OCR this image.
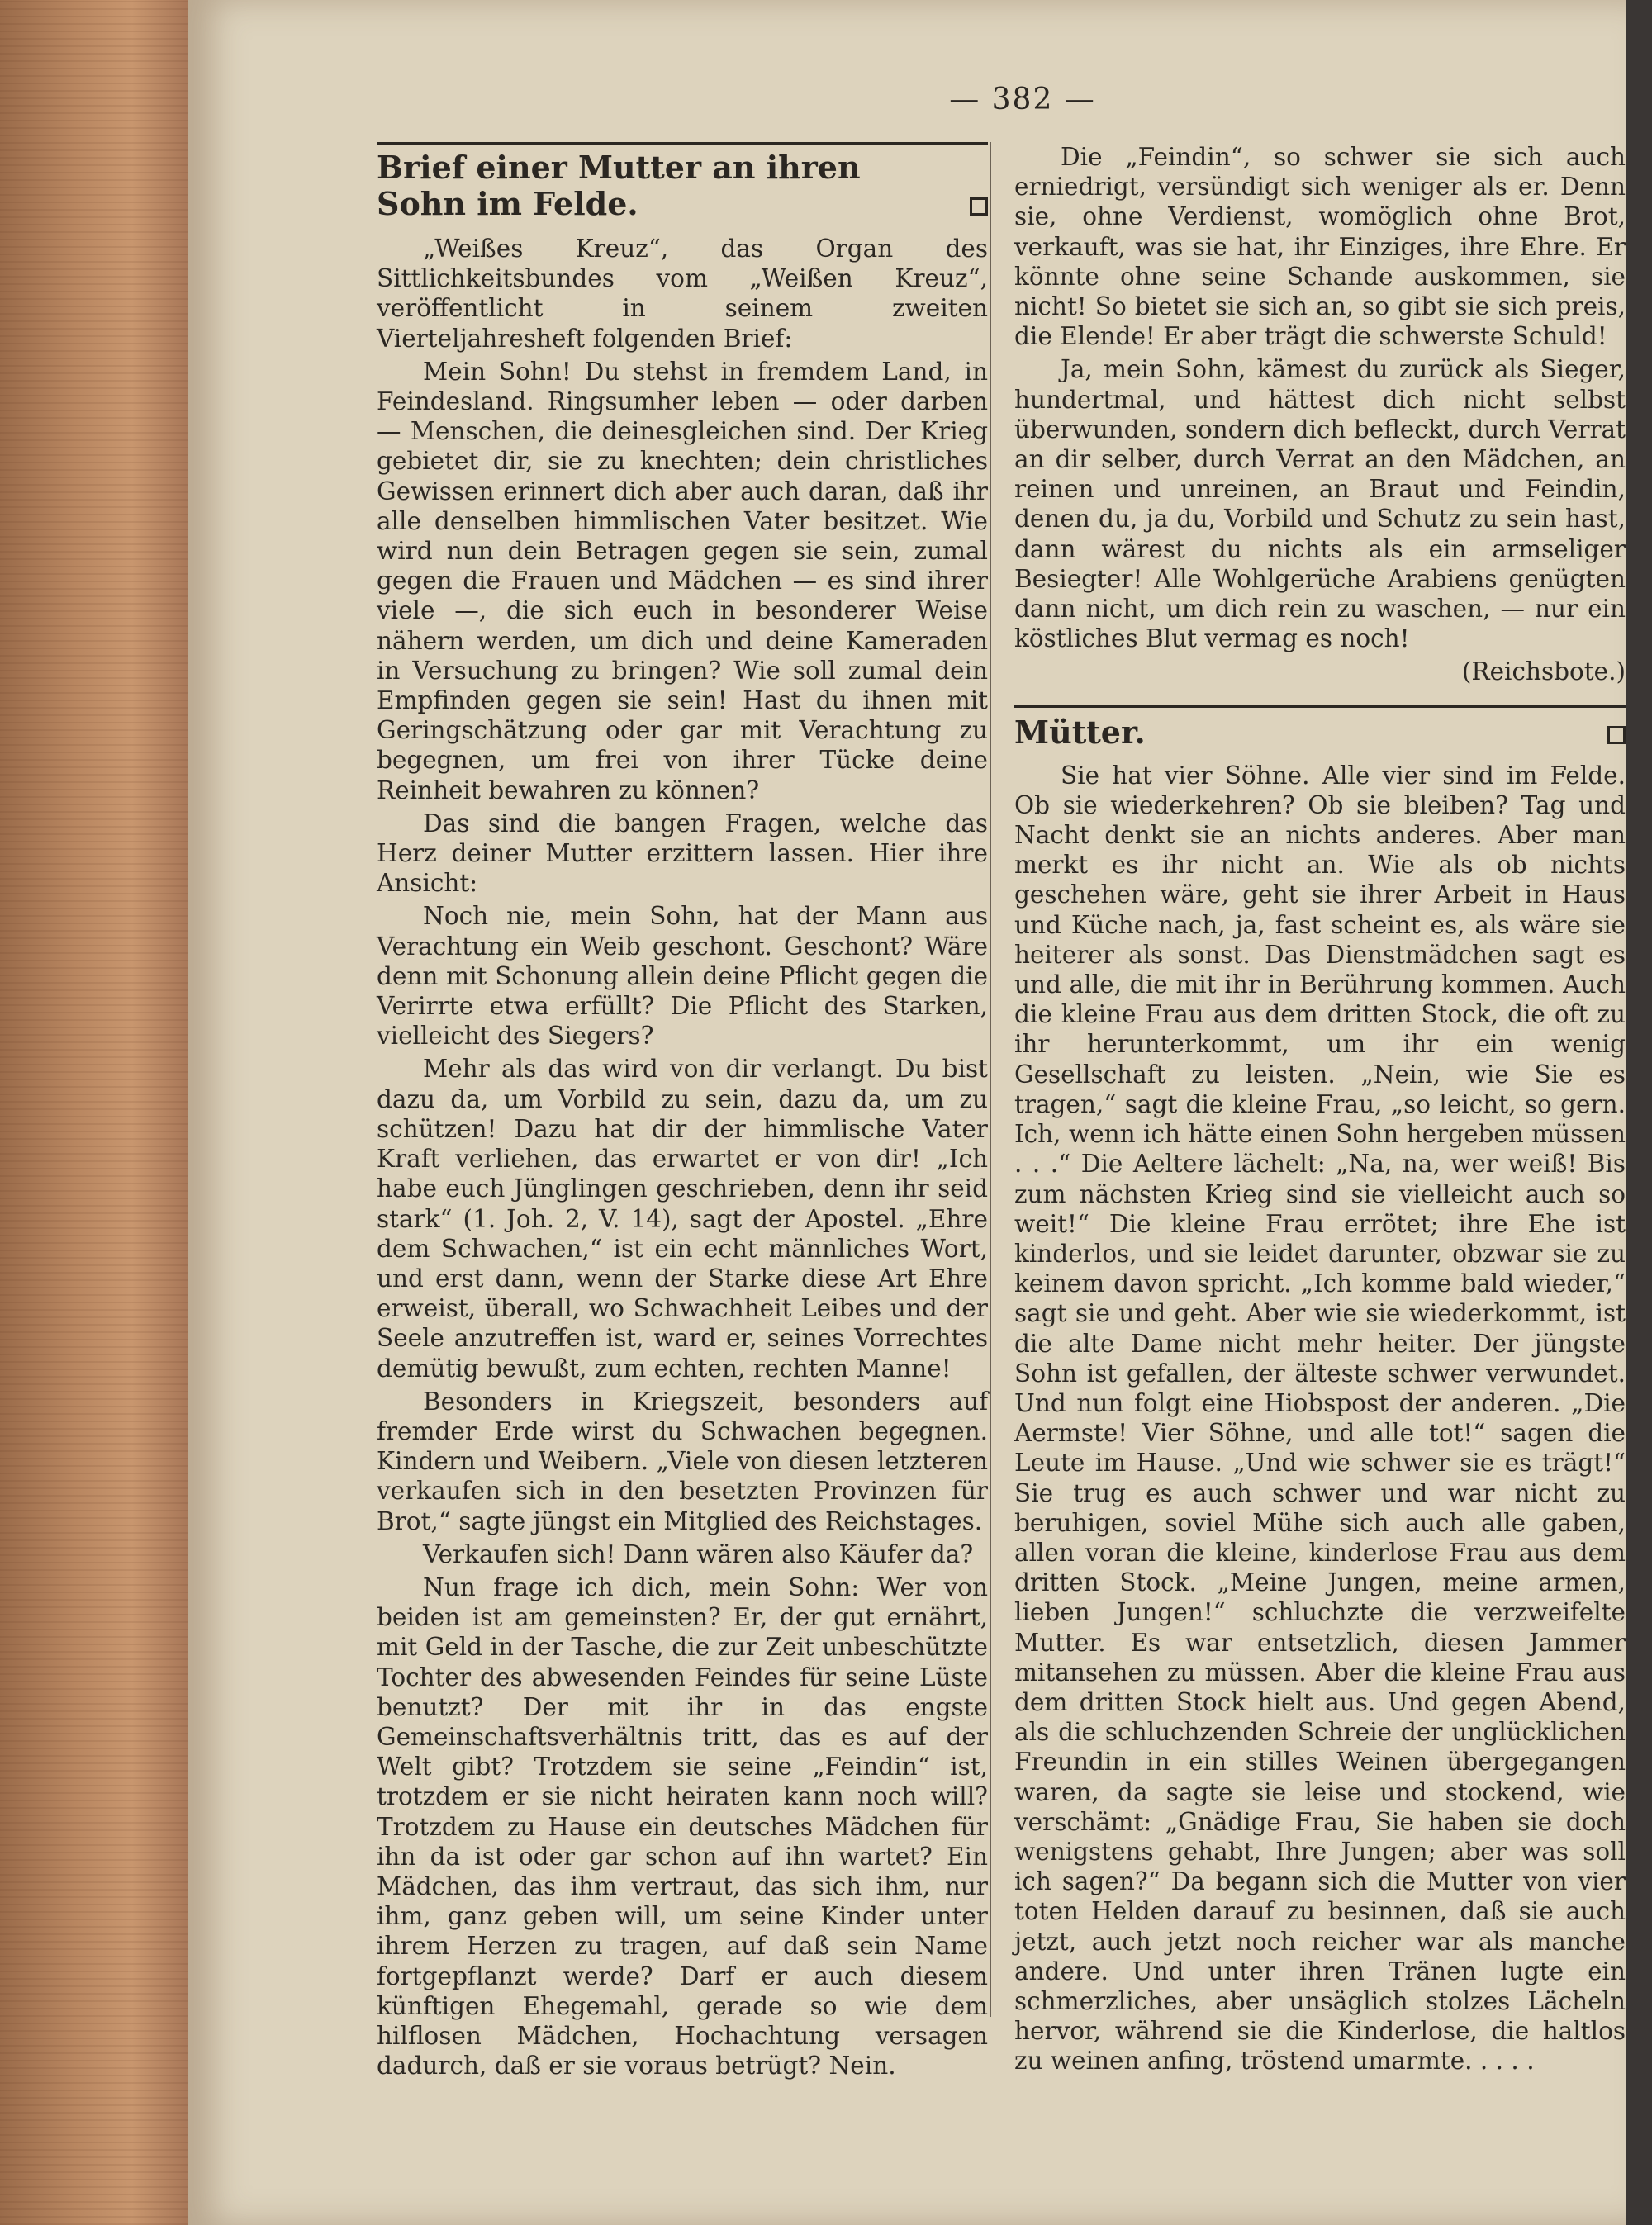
— 382 —
Brief einer Mutter an ihren Sohn im Felde.

„Weißes Kreuz“, das Organ des Sittlichkeitsbundes vom „Weißen Kreuz“, veröffentlicht in seinem zweiten Vierteljahresheft folgenden Brief:

Mein Sohn! Du stehst in fremdem Land, in Feindesland. Ringsumher leben — oder darben — Menschen, die deinesgleichen sind. Der Krieg gebietet dir, sie zu knechten; dein christliches Gewissen erinnert dich aber auch daran, daß ihr alle denselben himmlischen Vater besitzet. Wie wird nun dein Betragen gegen sie sein, zumal gegen die Frauen und Mädchen — es sind ihrer viele —, die sich euch in besonderer Weise nähern werden, um dich und deine Kameraden in Versuchung zu bringen? Wie soll zumal dein Empfinden gegen sie sein! Hast du ihnen mit Geringschätzung oder gar mit Verachtung zu begegnen, um frei von ihrer Tücke deine Reinheit bewahren zu können?

Das sind die bangen Fragen, welche das Herz deiner Mutter erzittern lassen. Hier ihre Ansicht:

Noch nie, mein Sohn, hat der Mann aus Verachtung ein Weib geschont. Geschont? Wäre denn mit Schonung allein deine Pflicht gegen die Verirrte etwa erfüllt? Die Pflicht des Starken, vielleicht des Siegers?

Mehr als das wird von dir verlangt. Du bist dazu da, um Vorbild zu sein, dazu da, um zu schützen! Dazu hat dir der himmlische Vater Kraft verliehen, das erwartet er von dir! „Ich habe euch Jünglingen geschrieben, denn ihr seid stark“ (1. Joh. 2, V. 14), sagt der Apostel. „Ehre dem Schwachen,“ ist ein echt männliches Wort, und erst dann, wenn der Starke diese Art Ehre erweist, überall, wo Schwachheit Leibes und der Seele anzutreffen ist, ward er, seines Vorrechtes demütig bewußt, zum echten, rechten Manne!

Besonders in Kriegszeit, besonders auf fremder Erde wirst du Schwachen begegnen. Kindern und Weibern. „Viele von diesen letzteren verkaufen sich in den besetzten Provinzen für Brot,“ sagte jüngst ein Mitglied des Reichstages.

Verkaufen sich! Dann wären also Käufer da?

Nun frage ich dich, mein Sohn: Wer von beiden ist am gemeinsten? Er, der gut ernährt, mit Geld in der Tasche, die zur Zeit unbeschützte Tochter des abwesenden Feindes für seine Lüste benutzt? Der mit ihr in das engste Gemeinschaftsverhältnis tritt, das es auf der Welt gibt? Trotzdem sie seine „Feindin“ ist, trotzdem er sie nicht heiraten kann noch will? Trotzdem zu Hause ein deutsches Mädchen für ihn da ist oder gar schon auf ihn wartet? Ein Mädchen, das ihm vertraut, das sich ihm, nur ihm, ganz geben will, um seine Kinder unter ihrem Herzen zu tragen, auf daß sein Name fortgepflanzt werde? Darf er auch diesem künftigen Ehegemahl, gerade so wie dem hilflosen Mädchen, Hochachtung versagen dadurch, daß er sie voraus betrügt? Nein.

Die „Feindin“, so schwer sie sich auch erniedrigt, versündigt sich weniger als er. Denn sie, ohne Verdienst, womöglich ohne Brot, verkauft, was sie hat, ihr Einziges, ihre Ehre. Er könnte ohne seine Schande auskommen, sie nicht! So bietet sie sich an, so gibt sie sich preis, die Elende! Er aber trägt die schwerste Schuld!

Ja, mein Sohn, kämest du zurück als Sieger, hundertmal, und hättest dich nicht selbst überwunden, sondern dich befleckt, durch Verrat an dir selber, durch Verrat an den Mädchen, an reinen und unreinen, an Braut und Feindin, denen du, ja du, Vorbild und Schutz zu sein hast, dann wärest du nichts als ein armseliger Besiegter! Alle Wohlgerüche Arabiens genügten dann nicht, um dich rein zu waschen, — nur ein köstliches Blut vermag es noch!

(Reichsbote.)
Mütter.

Sie hat vier Söhne. Alle vier sind im Felde. Ob sie wiederkehren? Ob sie bleiben? Tag und Nacht denkt sie an nichts anderes. Aber man merkt es ihr nicht an. Wie als ob nichts geschehen wäre, geht sie ihrer Arbeit in Haus und Küche nach, ja, fast scheint es, als wäre sie heiterer als sonst. Das Dienstmädchen sagt es und alle, die mit ihr in Berührung kommen. Auch die kleine Frau aus dem dritten Stock, die oft zu ihr herunterkommt, um ihr ein wenig Gesellschaft zu leisten. „Nein, wie Sie es tragen,“ sagt die kleine Frau, „so leicht, so gern. Ich, wenn ich hätte einen Sohn hergeben müssen . . .“ Die Aeltere lächelt: „Na, na, wer weiß! Bis zum nächsten Krieg sind sie vielleicht auch so weit!“ Die kleine Frau errötet; ihre Ehe ist kinderlos, und sie leidet darunter, obzwar sie zu keinem davon spricht. „Ich komme bald wieder,“ sagt sie und geht. Aber wie sie wiederkommt, ist die alte Dame nicht mehr heiter. Der jüngste Sohn ist gefallen, der älteste schwer verwundet. Und nun folgt eine Hiobspost der anderen. „Die Aermste! Vier Söhne, und alle tot!“ sagen die Leute im Hause. „Und wie schwer sie es trägt!“ Sie trug es auch schwer und war nicht zu beruhigen, soviel Mühe sich auch alle gaben, allen voran die kleine, kinderlose Frau aus dem dritten Stock. „Meine Jungen, meine armen, lieben Jungen!“ schluchzte die verzweifelte Mutter. Es war entsetzlich, diesen Jammer mitansehen zu müssen. Aber die kleine Frau aus dem dritten Stock hielt aus. Und gegen Abend, als die schluchzenden Schreie der unglücklichen Freundin in ein stilles Weinen übergegangen waren, da sagte sie leise und stockend, wie verschämt: „Gnädige Frau, Sie haben sie doch wenigstens gehabt, Ihre Jungen; aber was soll ich sagen?“ Da begann sich die Mutter von vier toten Helden darauf zu besinnen, daß sie auch jetzt, auch jetzt noch reicher war als manche andere. Und unter ihren Tränen lugte ein schmerzliches, aber unsäglich stolzes Lächeln hervor, während sie die Kinderlose, die haltlos zu weinen anfing, tröstend umarmte. . . . .
